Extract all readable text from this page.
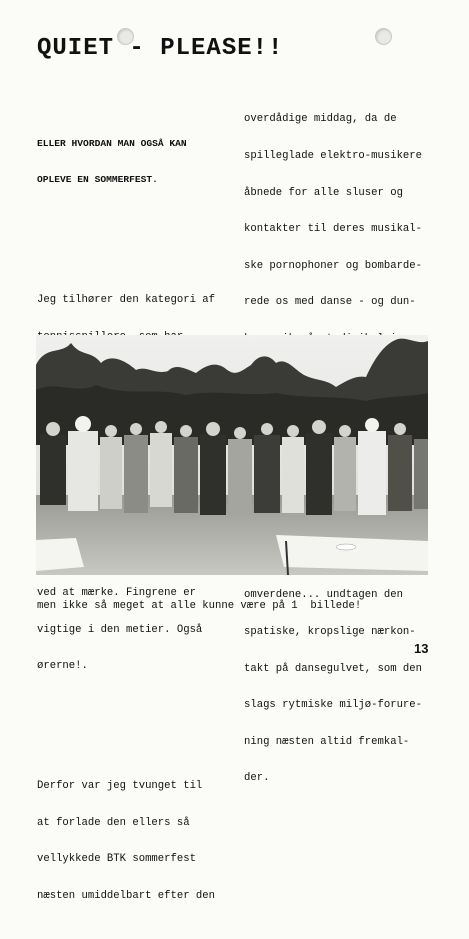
QUIET - PLEASE!!

ELLER HVORDAN MAN OGSÅ KAN

OPLEVE EN SOMMERFEST.

Jeg tilhører den kategori af

ved at mærke. Fingrene er

vigtige i den metier. Også

ørerne!.

Derfor var jeg tvunget til

at forlade den ellers så

vellykkede BTK sommerfest

næsten umiddelbart efter den

overdådige middag, da de

spilleglade elektro-musikere

åbnede for alle sluser og

kontakter til deres musikal-

ske pornophoner og bombarde-

rede os med danse - og dun-

omverdene... undtagen den

spatiske, kropslige nærkon-

takt på dansegulvet, som den

slags rytmiske miljø-forure-

ning næsten altid fremkal-

der.

men ikke så meget at alle kunne være på 1  billede!
13
